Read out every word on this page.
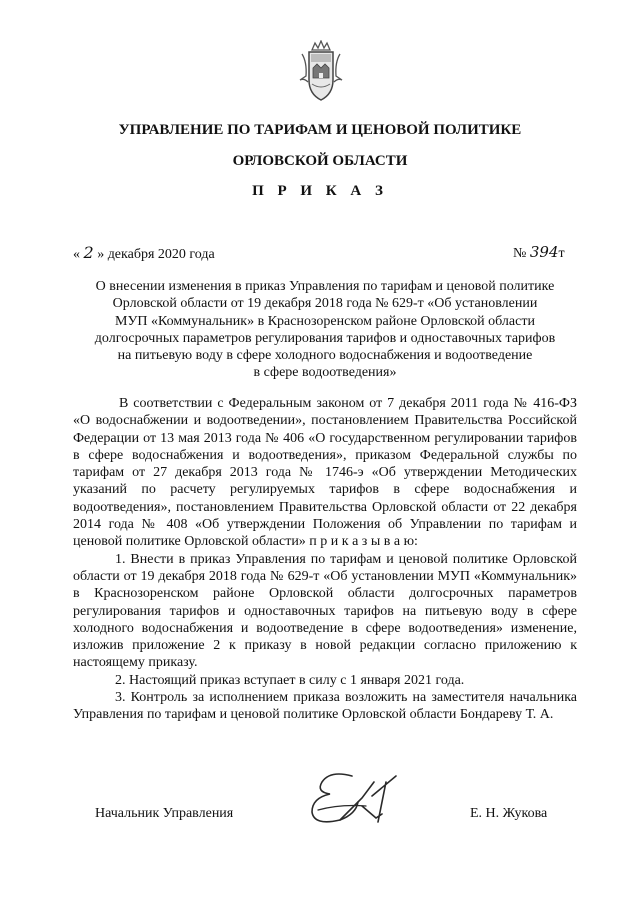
УПРАВЛЕНИЕ ПО ТАРИФАМ И ЦЕНОВОЙ ПОЛИТИКЕ
ОРЛОВСКОЙ ОБЛАСТИ
П Р И К А З
« 2 » декабря 2020 года	№ 394т
О внесении изменения в приказ Управления по тарифам и ценовой политике
Орловской области от 19 декабря 2018 года № 629-т «Об установлении
МУП «Коммунальник» в Краснозоренском районе Орловской области
долгосрочных параметров регулирования тарифов и одноставочных тарифов
на питьевую воду в сфере холодного водоснабжения и водоотведение
в сфере водоотведения»

В соответствии с Федеральным законом от 7 декабря 2011 года № 416-ФЗ «О водоснабжении и водоотведении», постановлением Правительства Российской Федерации от 13 мая 2013 года № 406 «О государственном регулировании тарифов в сфере водоснабжения и водоотведения», приказом Федеральной службы по тарифам от 27 декабря 2013 года № 1746-э «Об утверждении Методических указаний по расчету регулируемых тарифов в сфере водоснабжения и водоотведения», постановлением Правительства Орловской области от 22 декабря 2014 года № 408 «Об утверждении Положения об Управлении по тарифам и ценовой политике Орловской области» п р и к а з ы в а ю:

1. Внести в приказ Управления по тарифам и ценовой политике Орловской области от 19 декабря 2018 года № 629-т «Об установлении МУП «Коммунальник» в Краснозоренском районе Орловской области долгосрочных параметров регулирования тарифов и одноставочных тарифов на питьевую воду в сфере холодного водоснабжения и водоотведение в сфере водоотведения» изменение, изложив приложение 2 к приказу в новой редакции согласно приложению к настоящему приказу.

2. Настоящий приказ вступает в силу с 1 января 2021 года.

3. Контроль за исполнением приказа возложить на заместителя начальника Управления по тарифам и ценовой политике Орловской области Бондареву Т. А.

Начальник Управления	Е. Н. Жукова
